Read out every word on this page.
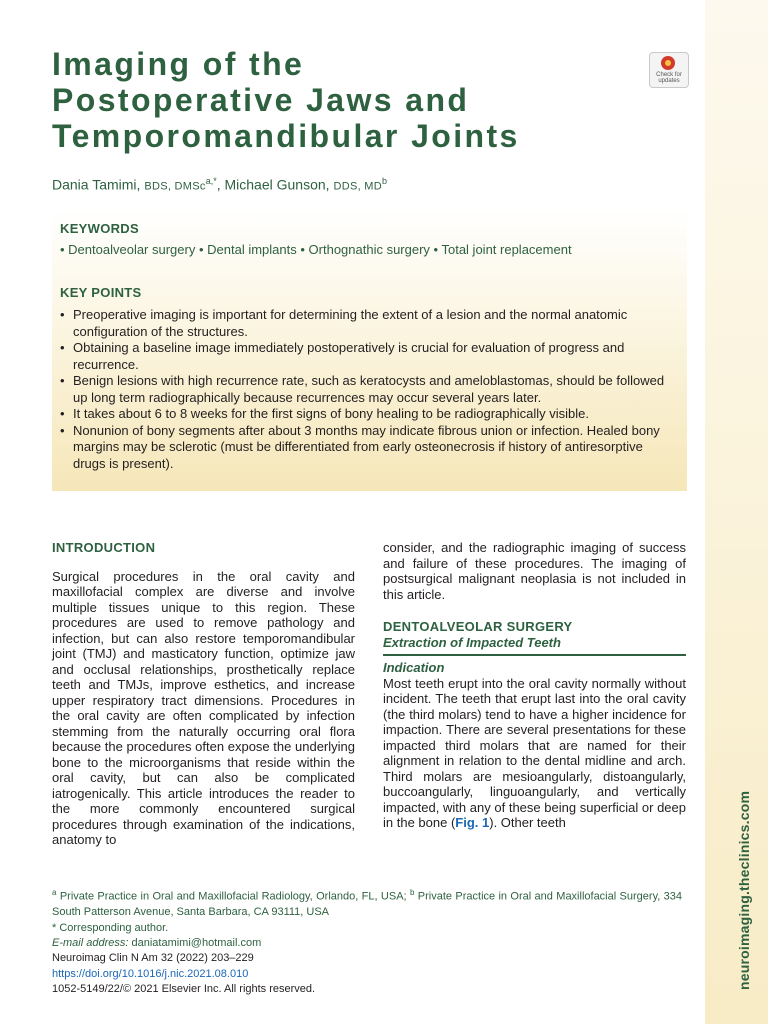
neuroimaging.theclinics.com
Imaging of the
Postoperative Jaws and
Temporomandibular Joints
Check for
updates
Dania Tamimi, BDS, DMSc$^{a,*}$, Michael Gunson, DDS, $MD^b$
KEYWORDS
• Dentoalveolar surgery • Dental implants • Orthognathic surgery • Total joint replacement
KEY POINTS
• Preoperative imaging is important for determining the extent of a lesion and the normal anatomic configuration of the structures.
• Obtaining a baseline image immediately postoperatively is crucial for evaluation of progress and recurrence.
• Benign lesions with high recurrence rate, such as keratocysts and ameloblastomas, should be followed up long term radiographically because recurrences may occur several years later.
• It takes about 6 to 8 weeks for the first signs of bony healing to be radiographically visible.
• Nonunion of bony segments after about 3 months may indicate fibrous union or infection. Healed bony margins may be sclerotic (must be differentiated from early osteonecrosis if history of antiresorptive drugs is present).
INTRODUCTION

Surgical procedures in the oral cavity and maxillofacial complex are diverse and involve multiple tissues unique to this region. These procedures are used to remove pathology and infection, but can also restore temporomandibular joint (TMJ) and masticatory function, optimize jaw and occlusal relationships, prosthetically replace teeth and TMJs, improve esthetics, and increase upper respiratory tract dimensions. Procedures in the oral cavity are often complicated by infection stemming from the naturally occurring oral flora because the procedures often expose the underlying bone to the microorganisms that reside within the oral cavity, but can also be complicated iatrogenically. This article introduces the reader to the more commonly encountered surgical procedures through examination of the indications, anatomy to

consider, and the radiographic imaging of success and failure of these procedures. The imaging of postsurgical malignant neoplasia is not included in this article.

DENTOALVEOLAR SURGERY
Extraction of Impacted Teeth
Indication

Most teeth erupt into the oral cavity normally without incident. The teeth that erupt last into the oral cavity (the third molars) tend to have a higher incidence for impaction. There are several presentations for these impacted third molars that are named for their alignment in relation to the dental midline and arch. Third molars are mesioangularly, distoangularly, buccoangularly, linguoangularly, and vertically impacted, with any of these being superficial or deep in the bone (Fig. 1). Other teeth

$^a$ Private Practice in Oral and Maxillofacial Radiology, Orlando, FL, USA; $^b$ Private Practice in Oral and Maxillofacial Surgery, 334 South Patterson Avenue, Santa Barbara, CA 93111, USA
* Corresponding author.
E-mail address: daniatamimi@hotmail.com
Neuroimag Clin N Am 32 (2022) 203–229
https://doi.org/10.1016/j.nic.2021.08.010
1052-5149/22/© 2021 Elsevier Inc. All rights reserved.
